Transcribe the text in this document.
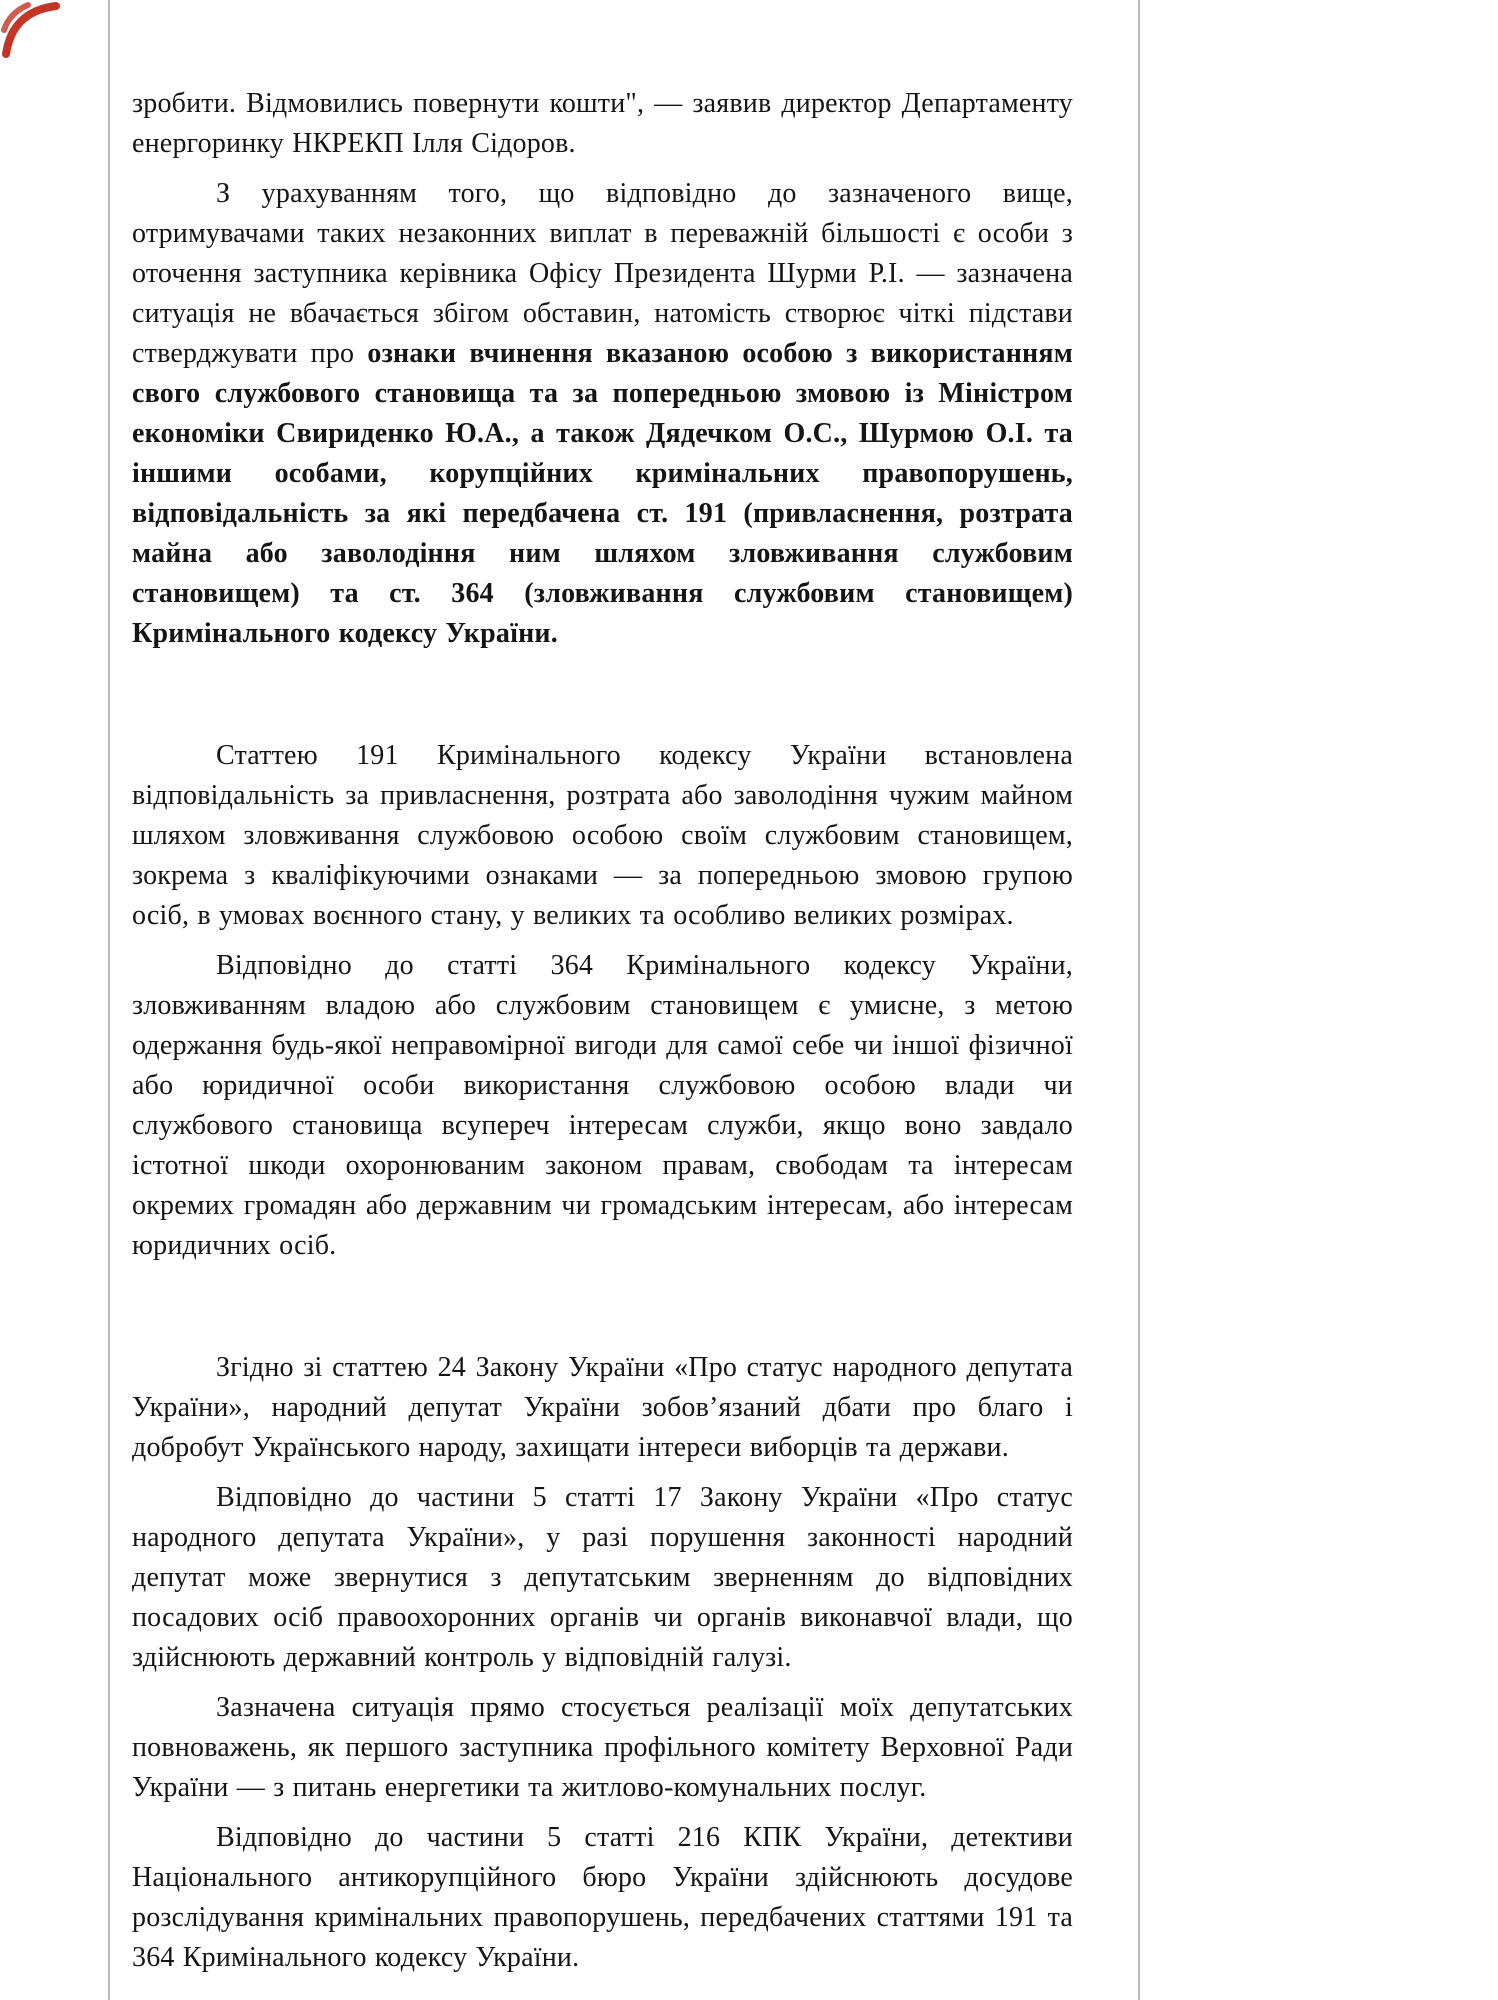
зробити. Відмовились повернути кошти", — заявив директор Департаменту енергоринку НКРЕКП Ілля Сідоров.

З урахуванням того, що відповідно до зазначеного вище, отримувачами таких незаконних виплат в переважній більшості є особи з оточення заступника керівника Офісу Президента Шурми Р.І. — зазначена ситуація не вбачається збігом обставин, натомість створює чіткі підстави стверджувати про ознаки вчинення вказаною особою з використанням свого службового становища та за попередньою змовою із Міністром економіки Свириденко Ю.А., а також Дядечком О.С., Шурмою О.І. та іншими особами, корупційних кримінальних правопорушень, відповідальність за які передбачена ст. 191 (привласнення, розтрата майна або заволодіння ним шляхом зловживання службовим становищем) та ст. 364 (зловживання службовим становищем) Кримінального кодексу України.

Статтею 191 Кримінального кодексу України встановлена відповідальність за привласнення, розтрата або заволодіння чужим майном шляхом зловживання службовою особою своїм службовим становищем, зокрема з кваліфікуючими ознаками — за попередньою змовою групою осіб, в умовах воєнного стану, у великих та особливо великих розмірах.

Відповідно до статті 364 Кримінального кодексу України, зловживанням владою або службовим становищем є умисне, з метою одержання будь-якої неправомірної вигоди для самої себе чи іншої фізичної або юридичної особи використання службовою особою влади чи службового становища всупереч інтересам служби, якщо воно завдало істотної шкоди охоронюваним законом правам, свободам та інтересам окремих громадян або державним чи громадським інтересам, або інтересам юридичних осіб.

Згідно зі статтею 24 Закону України «Про статус народного депутата України», народний депутат України зобов’язаний дбати про благо і добробут Українського народу, захищати інтереси виборців та держави.

Відповідно до частини 5 статті 17 Закону України «Про статус народного депутата України», у разі порушення законності народний депутат може звернутися з депутатським зверненням до відповідних посадових осіб правоохоронних органів чи органів виконавчої влади, що здійснюють державний контроль у відповідній галузі.

Зазначена ситуація прямо стосується реалізації моїх депутатських повноважень, як першого заступника профільного комітету Верховної Ради України — з питань енергетики та житлово-комунальних послуг.

Відповідно до частини 5 статті 216 КПК України, детективи Національного антикорупційного бюро України здійснюють досудове розслідування кримінальних правопорушень, передбачених статтями 191 та 364 Кримінального кодексу України.
